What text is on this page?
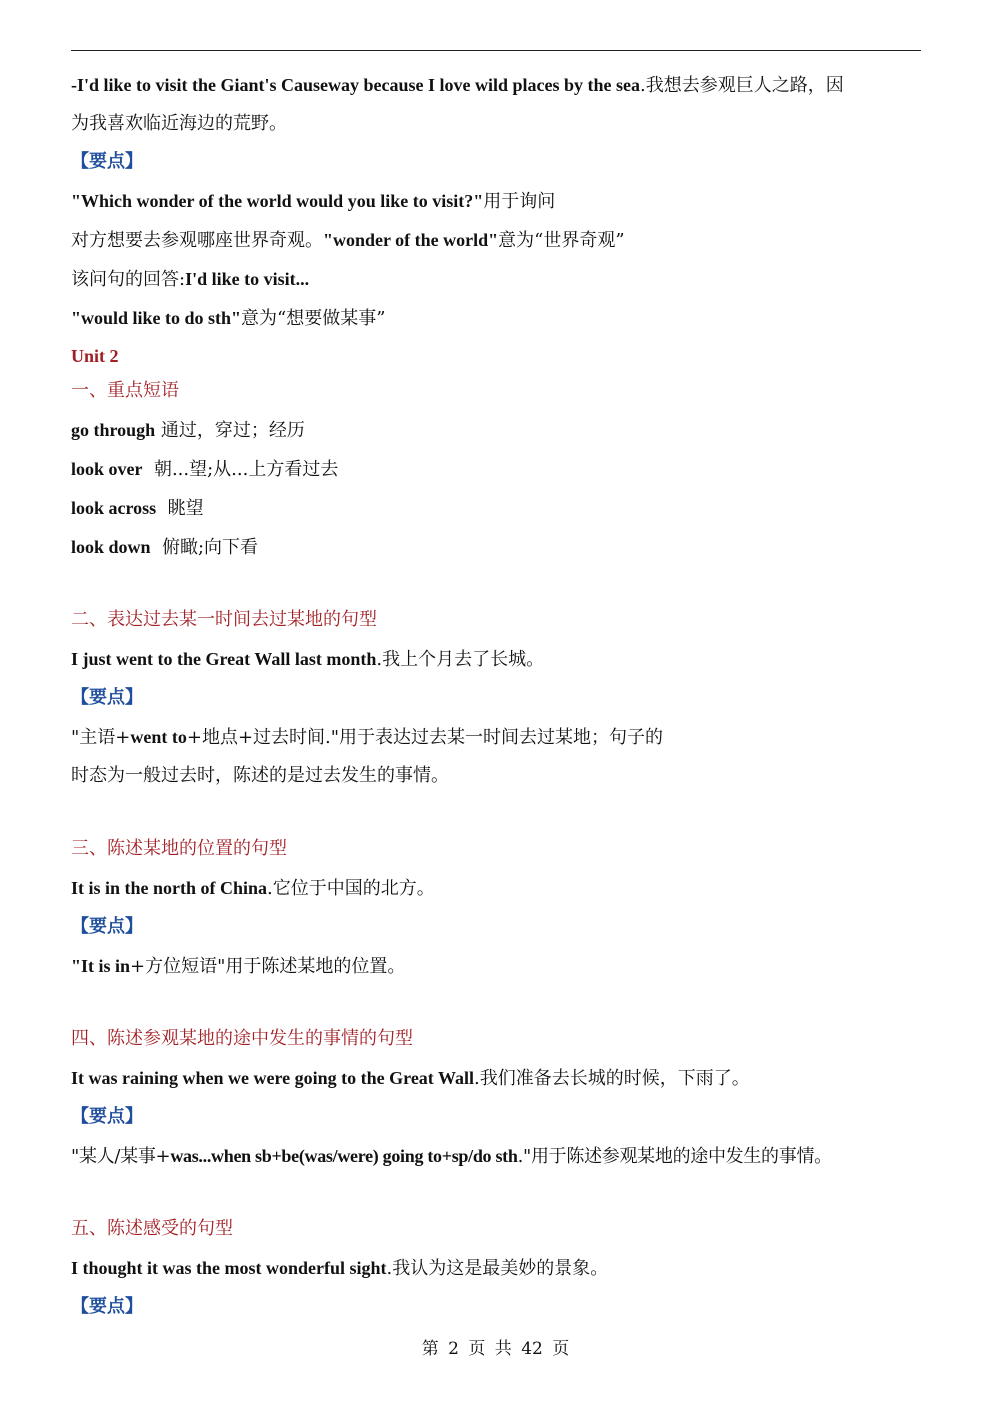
-I'd like to visit the Giant's Causeway because I love wild places by the sea.我想去参观巨人之路，因
为我喜欢临近海边的荒野。
【要点】
"Which wonder of the world would you like to visit?"用于询问
对方想要去参观哪座世界奇观。"wonder of the world"意为“世界奇观”
该问句的回答:I'd like to visit...
"would like to do sth"意为“想要做某事”
Unit 2
一、重点短语
go through 通过，穿过；经历
look over  朝...望;从...上方看过去
look across  眺望
look down  俯瞰;向下看
二、表达过去某一时间去过某地的句型
I just went to the Great Wall last month.我上个月去了长城。
【要点】
"主语+went to+地点+过去时间."用于表达过去某一时间去过某地；句子的
时态为一般过去时，陈述的是过去发生的事情。
三、陈述某地的位置的句型
It is in the north of China.它位于中国的北方。
【要点】
"It is in+方位短语"用于陈述某地的位置。
四、陈述参观某地的途中发生的事情的句型
It was raining when we were going to the Great Wall.我们准备去长城的时候，下雨了。
【要点】
"某人/某事+was...when sb+be(was/were) going to+sp/do sth."用于陈述参观某地的途中发生的事情。
五、陈述感受的句型
I thought it was the most wonderful sight.我认为这是最美妙的景象。
【要点】
第 2 页 共 42 页
